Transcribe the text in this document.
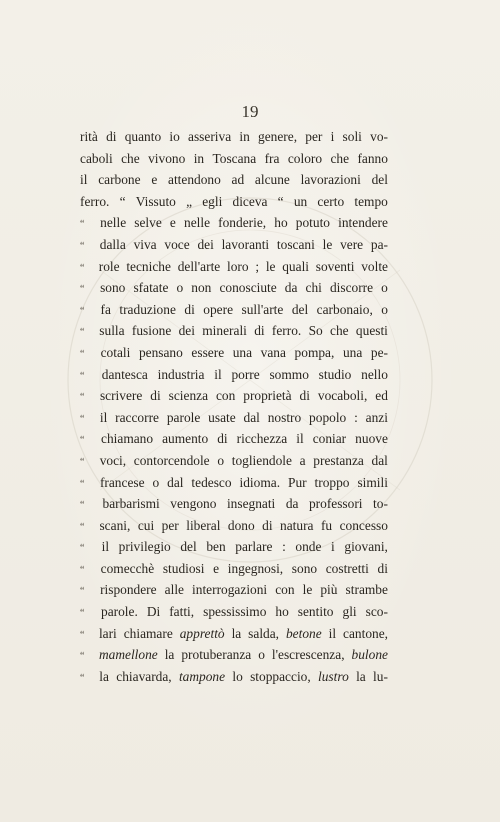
19
rità di quanto io asseriva in genere, per i soli vo-
caboli che vivono in Toscana fra coloro che fanno
il carbone e attendono ad alcune lavorazioni del
ferro. “ Vissuto „ egli diceva “ un certo tempo
“	nelle selve e nelle fonderie, ho potuto intendere
“	dalla viva voce dei lavoranti toscani le vere pa-
“	role tecniche dell'arte loro ; le quali soventi volte
“	sono sfatate o non conosciute da chi discorre o
“	fa traduzione di opere sull'arte del carbonaio, o
“	sulla fusione dei minerali di ferro. So che questi
“	cotali pensano essere una vana pompa, una pe-
“	dantesca industria il porre sommo studio nello
“	scrivere di scienza con proprietà di vocaboli, ed
“	il raccorre parole usate dal nostro popolo : anzi
“	chiamano aumento di ricchezza il coniar nuove
“	voci, contorcendole o togliendole a prestanza dal
“	francese o dal tedesco idioma. Pur troppo simili
“	barbarismi vengono insegnati da professori to-
“	scani, cui per liberal dono di natura fu concesso
“	il privilegio del ben parlare : onde i giovani,
“	comecchè studiosi e ingegnosi, sono costretti di
“	rispondere alle interrogazioni con le più strambe
“	parole. Di fatti, spessissimo ho sentito gli sco-
“	lari chiamare apprettò la salda, betone il cantone,
“	mamellone la protuberanza o l'escrescenza, bulone
“	la chiavarda, tampone lo stoppaccio, lustro la lu-
